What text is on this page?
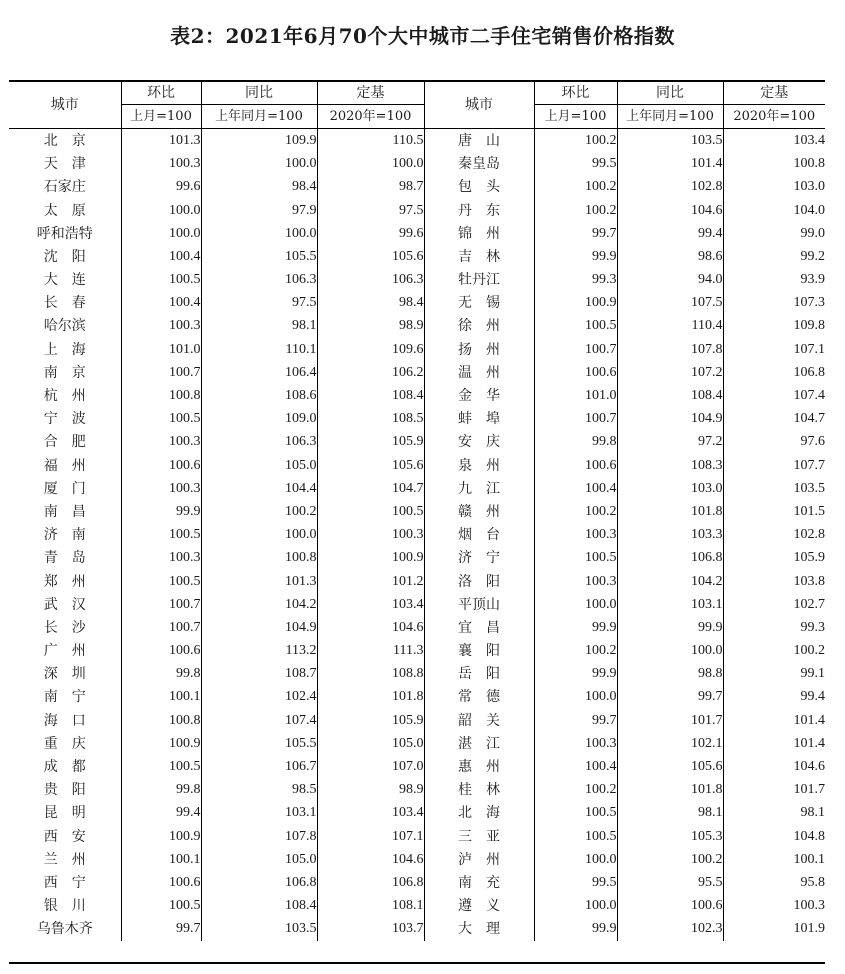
表2：2021年6月70个大中城市二手住宅销售价格指数
城市	环比	同比	定基	城市	环比	同比	定基
	上月=100	上年同月=100	2020年=100		上月=100	上年同月=100	2020年=100
北　京	101.3	109.9	110.5	唐　山	100.2	103.5	103.4
天　津	100.3	100.0	100.0	秦皇岛	99.5	101.4	100.8
石家庄	99.6	98.4	98.7	包　头	100.2	102.8	103.0
太　原	100.0	97.9	97.5	丹　东	100.2	104.6	104.0
呼和浩特	100.0	100.0	99.6	锦　州	99.7	99.4	99.0
沈　阳	100.4	105.5	105.6	吉　林	99.9	98.6	99.2
大　连	100.5	106.3	106.3	牡丹江	99.3	94.0	93.9
长　春	100.4	97.5	98.4	无　锡	100.9	107.5	107.3
哈尔滨	100.3	98.1	98.9	徐　州	100.5	110.4	109.8
上　海	101.0	110.1	109.6	扬　州	100.7	107.8	107.1
南　京	100.7	106.4	106.2	温　州	100.6	107.2	106.8
杭　州	100.8	108.6	108.4	金　华	101.0	108.4	107.4
宁　波	100.5	109.0	108.5	蚌　埠	100.7	104.9	104.7
合　肥	100.3	106.3	105.9	安　庆	99.8	97.2	97.6
福　州	100.6	105.0	105.6	泉　州	100.6	108.3	107.7
厦　门	100.3	104.4	104.7	九　江	100.4	103.0	103.5
南　昌	99.9	100.2	100.5	赣　州	100.2	101.8	101.5
济　南	100.5	100.0	100.3	烟　台	100.3	103.3	102.8
青　岛	100.3	100.8	100.9	济　宁	100.5	106.8	105.9
郑　州	100.5	101.3	101.2	洛　阳	100.3	104.2	103.8
武　汉	100.7	104.2	103.4	平顶山	100.0	103.1	102.7
长　沙	100.7	104.9	104.6	宜　昌	99.9	99.9	99.3
广　州	100.6	113.2	111.3	襄　阳	100.2	100.0	100.2
深　圳	99.8	108.7	108.8	岳　阳	99.9	98.8	99.1
南　宁	100.1	102.4	101.8	常　德	100.0	99.7	99.4
海　口	100.8	107.4	105.9	韶　关	99.7	101.7	101.4
重　庆	100.9	105.5	105.0	湛　江	100.3	102.1	101.4
成　都	100.5	106.7	107.0	惠　州	100.4	105.6	104.6
贵　阳	99.8	98.5	98.9	桂　林	100.2	101.8	101.7
昆　明	99.4	103.1	103.4	北　海	100.5	98.1	98.1
西　安	100.9	107.8	107.1	三　亚	100.5	105.3	104.8
兰　州	100.1	105.0	104.6	泸　州	100.0	100.2	100.1
西　宁	100.6	106.8	106.8	南　充	99.5	95.5	95.8
银　川	100.5	108.4	108.1	遵　义	100.0	100.6	100.3
乌鲁木齐	99.7	103.5	103.7	大　理	99.9	102.3	101.9
